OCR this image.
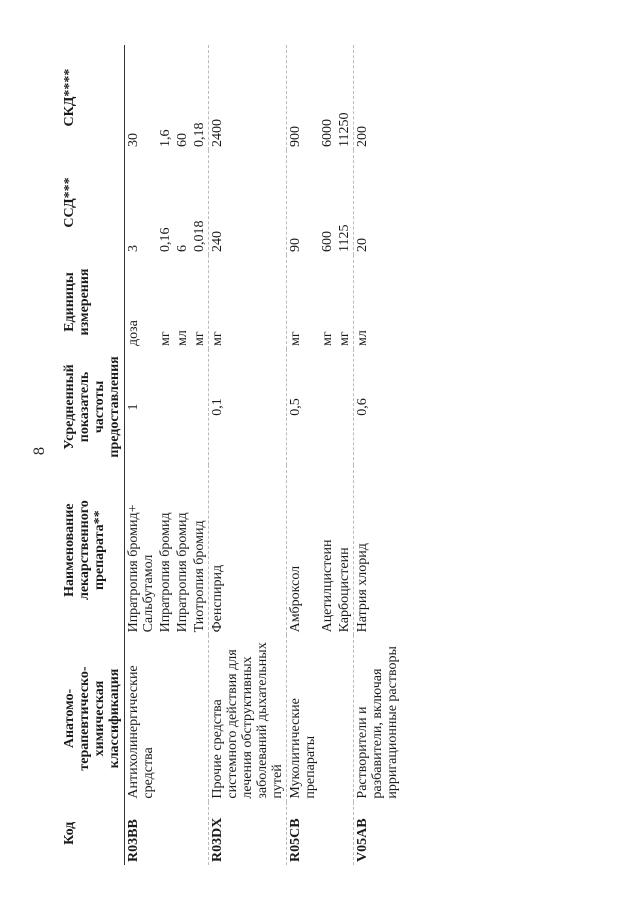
8
Код	Анатомо-терапевтическо-химическая классификация	Наименование лекарственного препарата**	Усредненный показатель частоты предоставления	Единицы измерения	ССД***	СКД****
R03BB	Антихолинергические средства	Ипратропия бромид+ Сальбутамол	1	доза	3	30
		Ипратропия бромид		мг	0,16	1,6
		Ипратропия бромид		мл	6	60
		Тиотропия бромид		мг	0,018	0,18
R03DX	Прочие средства системного действия для лечения обструктивных заболеваний дыхательных путей	Фенспирид	0,1	мг	240	2400
R05CB	Муколитические препараты	Амброксол	0,5	мг	90	900
		Ацетилцистеин		мг	600	6000
		Карбоцистеин		мг	1125	11250
V05AB	Растворители и разбавители, включая ирригационные растворы	Натрия хлорид	0,6	мл	20	200
